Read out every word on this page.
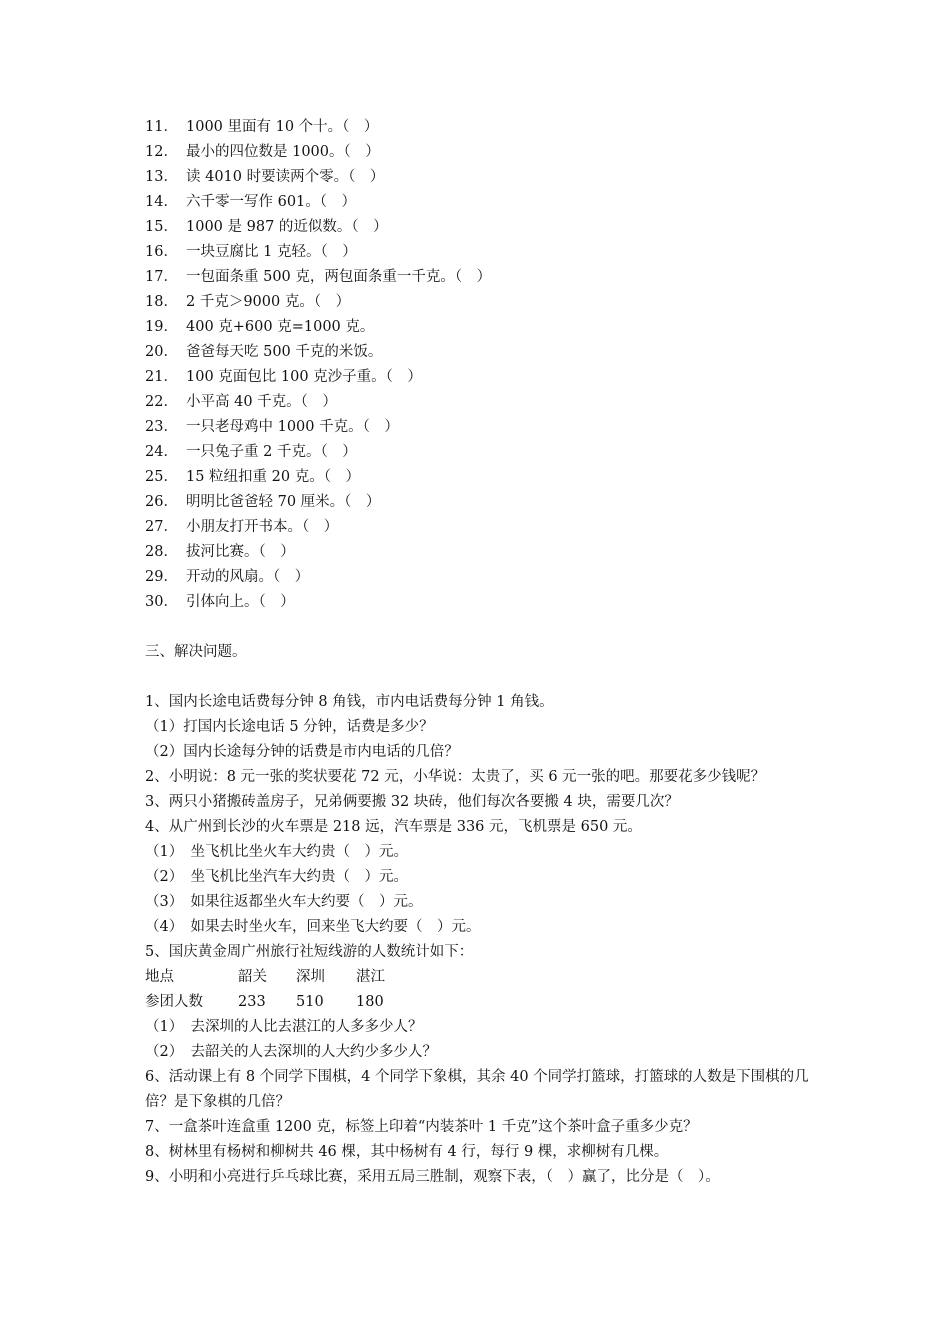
11． 1000 里面有 10 个十。（　）
12． 最小的四位数是 1000。（　）
13． 读 4010 时要读两个零。（　）
14． 六千零一写作 601。（　）
15． 1000 是 987 的近似数。（　）
16． 一块豆腐比 1 克轻。（　）
17． 一包面条重 500 克，两包面条重一千克。（　）
18． 2 千克＞9000 克。（　）
19． 400 克+600 克=1000 克。
20． 爸爸每天吃 500 千克的米饭。
21． 100 克面包比 100 克沙子重。（　）
22． 小平高 40 千克。（　）
23． 一只老母鸡中 1000 千克。（　）
24． 一只兔子重 2 千克。（　）
25． 15 粒纽扣重 20 克。（　）
26． 明明比爸爸轻 70 厘米。（　）
27． 小朋友打开书本。（　）
28． 拔河比赛。（　）
29． 开动的风扇。（　）
30． 引体向上。（　）
三、解决问题。
1、国内长途电话费每分钟 8 角钱，市内电话费每分钟 1 角钱。
（1）打国内长途电话 5 分钟，话费是多少？
（2）国内长途每分钟的话费是市内电话的几倍？
2、小明说：8 元一张的奖状要花 72 元，小华说：太贵了，买 6 元一张的吧。那要花多少钱呢？
3、两只小猪搬砖盖房子，兄弟俩要搬 32 块砖，他们每次各要搬 4 块，需要几次？
4、从广州到长沙的火车票是 218 远，汽车票是 336 元，飞机票是 650 元。
（1）　坐飞机比坐火车大约贵（　）元。
（2）　坐飞机比坐汽车大约贵（　）元。
（3）　如果往返都坐火车大约要（　）元。
（4）　如果去时坐火车，回来坐飞大约要（　）元。
5、国庆黄金周广州旅行社短线游的人数统计如下：
地点	韶关	深圳	湛江
参团人数	233	510	180
（1）　去深圳的人比去湛江的人多多少人？
（2）　去韶关的人去深圳的人大约少多少人？
6、活动课上有 8 个同学下围棋，4 个同学下象棋，其余 40 个同学打篮球，打篮球的人数是下围棋的几倍？是下象棋的几倍？
7、一盒茶叶连盒重 1200 克，标签上印着“内装茶叶 1 千克”这个茶叶盒子重多少克？
8、树林里有杨树和柳树共 46 棵，其中杨树有 4 行，每行 9 棵，求柳树有几棵。
9、小明和小亮进行乒乓球比赛，采用五局三胜制，观察下表，（　）赢了，比分是（　）。
